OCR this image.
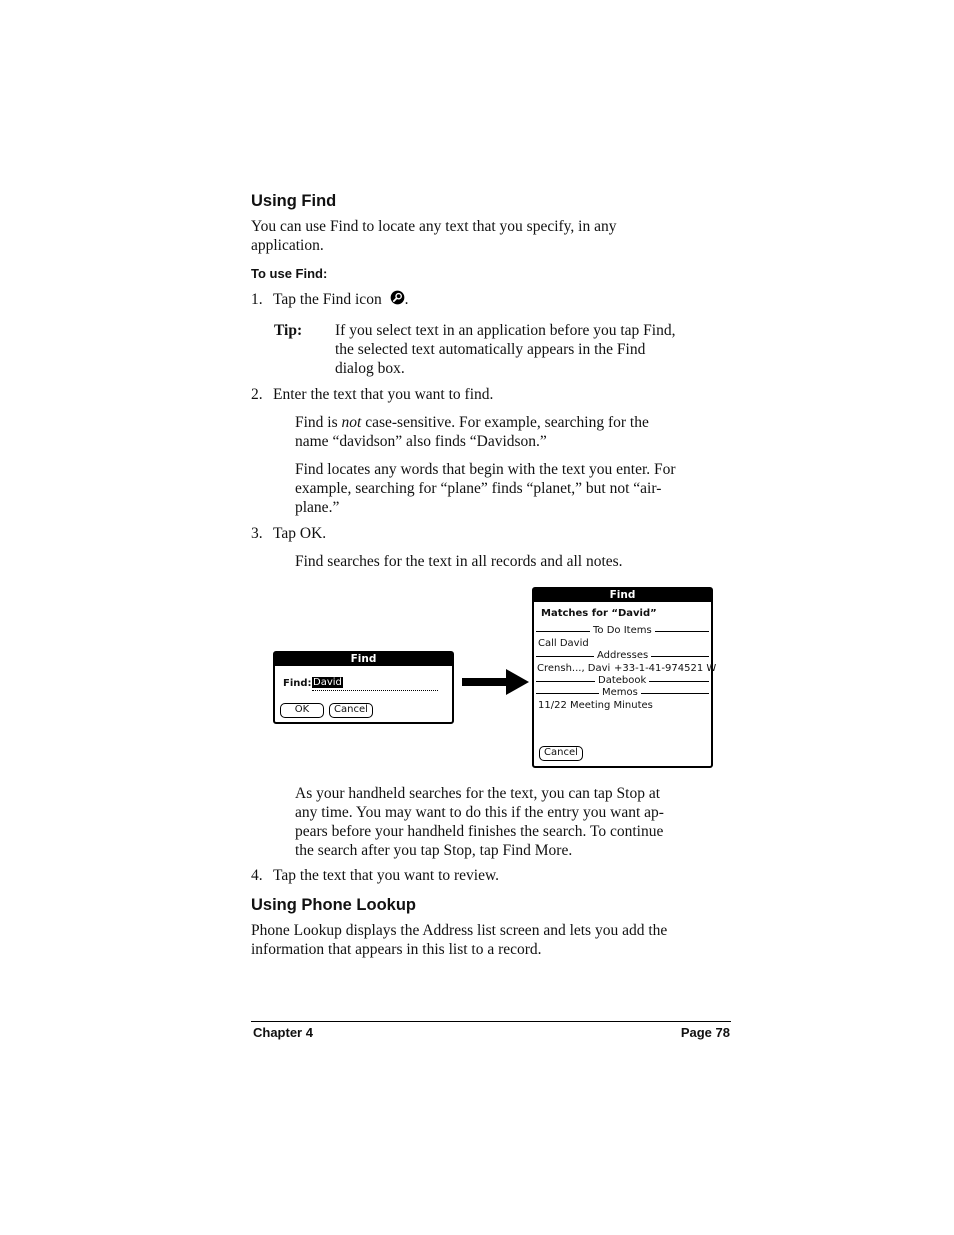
Using Find

You can use Find to locate any text that you specify, in any

application.

To use Find:
1. Tap the Find icon .
Tip: If you select text in an application before you tap Find,

the selected text automatically appears in the Find

dialog box.

2. Enter the text that you want to find.

Find is not case-sensitive. For example, searching for the

name “davidson” also finds “Davidson.”

Find locates any words that begin with the text you enter. For

example, searching for “plane” finds “planet,” but not “air-

plane.”

3. Tap OK.
Find searches for the text in all records and all notes.
Find
Find: David
OK	Cancel
Find
Matches for “David”
To Do Items
Call David
Addresses
Crensh..., Davi +33-1-41-974521 W
Datebook
Memos
11/22 Meeting Minutes
Cancel

As your handheld searches for the text, you can tap Stop at

any time. You may want to do this if the entry you want ap-

pears before your handheld finishes the search. To continue

the search after you tap Stop, tap Find More.

4. Tap the text that you want to review.
Using Phone Lookup

Phone Lookup displays the Address list screen and lets you add the

information that appears in this list to a record.

Chapter 4	Page 78
